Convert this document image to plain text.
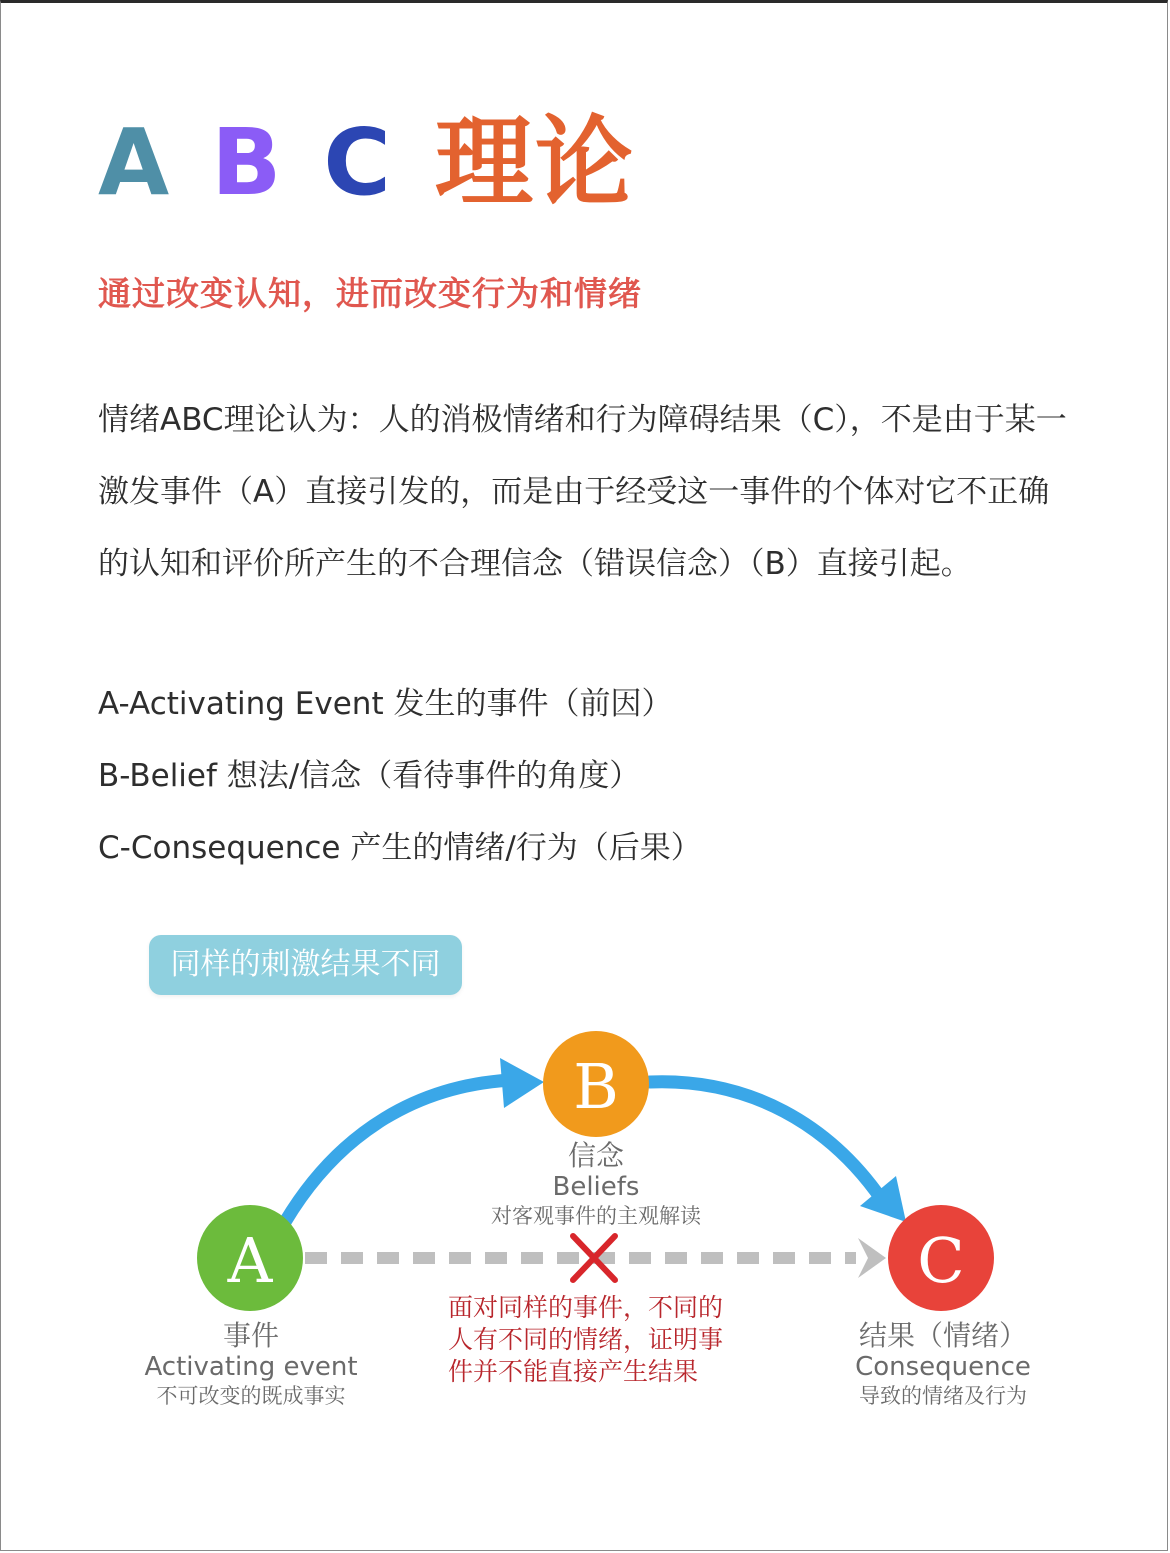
A B C 理论
通过改变认知，进而改变行为和情绪
情绪ABC理论认为：人的消极情绪和行为障碍结果（C），不是由于某一
激发事件（A）直接引发的，而是由于经受这一事件的个体对它不正确
的认知和评价所产生的不合理信念（错误信念）（B）直接引起。
A-Activating Event 发生的事件（前因）
B-Belief 想法/信念（看待事件的角度）
C-Consequence 产生的情绪/行为（后果）
同样的刺激结果不同
A
B
C
信念
Beliefs
对客观事件的主观解读
事件
Activating event
不可改变的既成事实
结果（情绪）
Consequence
导致的情绪及行为
面对同样的事件，不同的
人有不同的情绪，证明事
件并不能直接产生结果
